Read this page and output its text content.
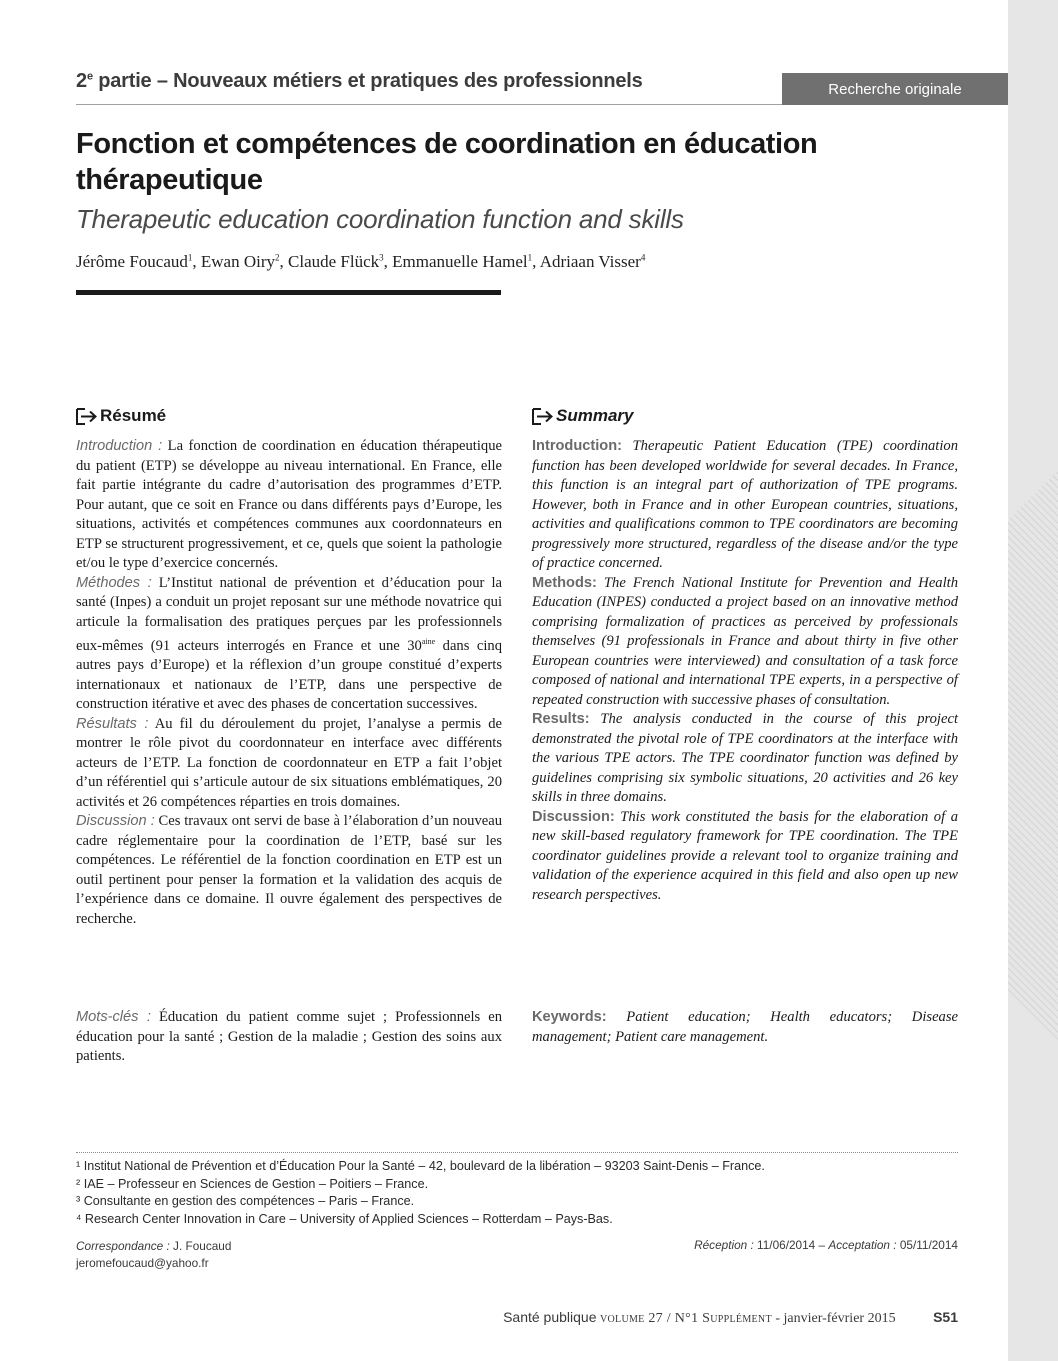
2e partie – Nouveaux métiers et pratiques des professionnels	Recherche originale
Fonction et compétences de coordination en éducation thérapeutique
Therapeutic education coordination function and skills
Jérôme Foucaud$^1$, Ewan Oiry$^2$, Claude Flück$^3$, Emmanuelle Hamel$^1$, Adriaan Visser$^4$
Résumé	Summary

Introduction : La fonction de coordination en éducation thérapeutique du patient (ETP) se développe au niveau international. En France, elle fait partie intégrante du cadre d’autorisation des programmes d’ETP. Pour autant, que ce soit en France ou dans différents pays d’Europe, les situations, activités et compétences communes aux coordonnateurs en ETP se structurent progressivement, et ce, quels que soient la pathologie et/ou le type d’exercice concernés.

Méthodes : L’Institut national de prévention et d’éducation pour la santé (Inpes) a conduit un projet reposant sur une méthode novatrice qui articule la formalisation des pratiques perçues par les professionnels eux-mêmes (91 acteurs interrogés en France et une $30^{aine}$ dans cinq autres pays d’Europe) et la réflexion d’un groupe constitué d’experts internationaux et nationaux de l’ETP, dans une perspective de construction itérative et avec des phases de concertation successives.

Résultats : Au fil du déroulement du projet, l’analyse a permis de montrer le rôle pivot du coordonnateur en interface avec différents acteurs de l’ETP. La fonction de coordonnateur en ETP a fait l’objet d’un référentiel qui s’articule autour de six situations emblématiques, 20 activités et 26 compétences réparties en trois domaines.

Discussion : Ces travaux ont servi de base à l’élaboration d’un nouveau cadre réglementaire pour la coordination de l’ETP, basé sur les compétences. Le référentiel de la fonction coordination en ETP est un outil pertinent pour penser la formation et la validation des acquis de l’expérience dans ce domaine. Il ouvre également des perspectives de recherche.

Introduction: Therapeutic Patient Education (TPE) coordination function has been developed worldwide for several decades. In France, this function is an integral part of authorization of TPE programs. However, both in France and in other European countries, situations, activities and qualifications common to TPE coordinators are becoming progressively more structured, regardless of the disease and/or the type of practice concerned.

Methods: The French National Institute for Prevention and Health Education (INPES) conducted a project based on an innovative method comprising formalization of practices as perceived by professionals themselves (91 professionals in France and about thirty in five other European countries were interviewed) and consultation of a task force composed of national and international TPE experts, in a perspective of repeated construction with successive phases of consultation.

Results: The analysis conducted in the course of this project demonstrated the pivotal role of TPE coordinators at the interface with the various TPE actors. The TPE coordinator function was defined by guidelines comprising six symbolic situations, 20 activities and 26 key skills in three domains.

Discussion: This work constituted the basis for the elaboration of a new skill-based regulatory framework for TPE coordination. The TPE coordinator guidelines provide a relevant tool to organize training and validation of the experience acquired in this field and also open up new research perspectives.

Mots-clés : Éducation du patient comme sujet ; Professionnels en éducation pour la santé ; Gestion de la maladie ; Gestion des soins aux patients.
Keywords: Patient education; Health educators; Disease management; Patient care management.
¹ Institut National de Prévention et d’Éducation Pour la Santé – 42, boulevard de la libération – 93203 Saint-Denis – France.
² IAE – Professeur en Sciences de Gestion – Poitiers – France.
³ Consultante en gestion des compétences – Paris – France.
⁴ Research Center Innovation in Care – University of Applied Sciences – Rotterdam – Pays-Bas.
Correspondance : J. Foucaud
jeromefoucaud@yahoo.fr
Réception : 11/06/2014 – Acceptation : 05/11/2014
Santé publique volume 27 / N°1 Supplément - janvier-février 2015	S51
